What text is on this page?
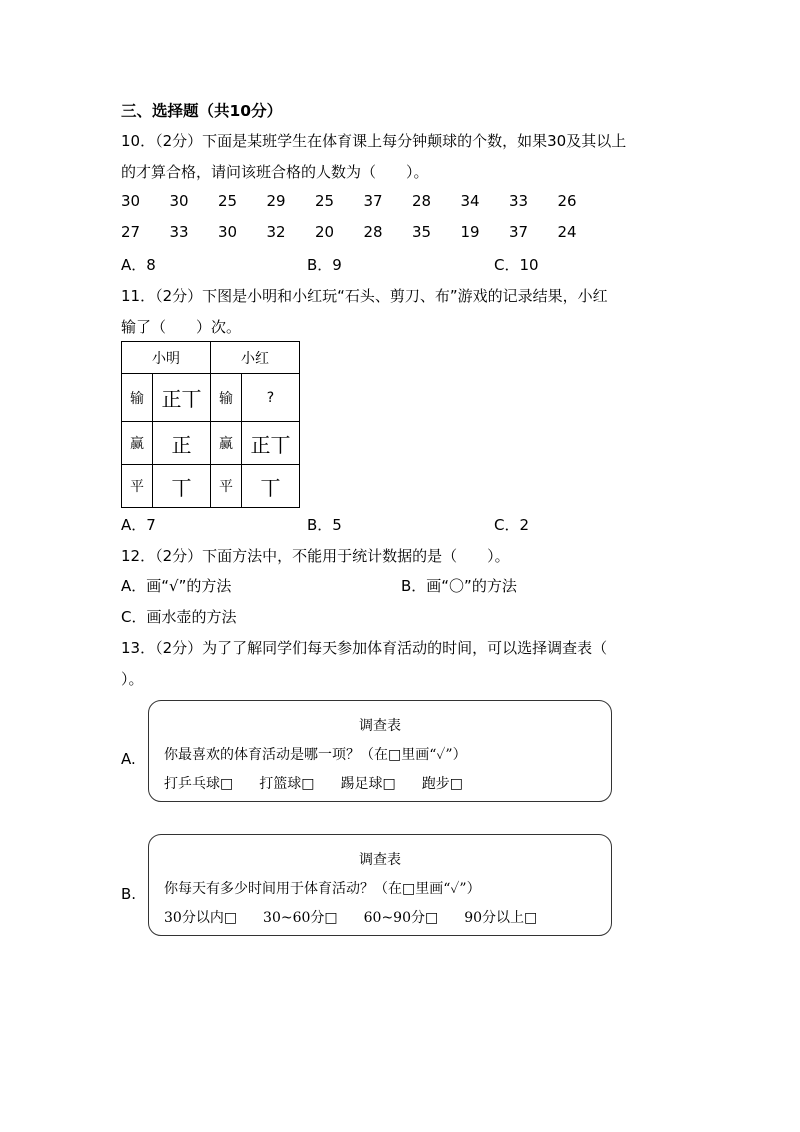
三、选择题（共10分）
10．（2分）下面是某班学生在体育课上每分钟颠球的个数，如果30及其以上
的才算合格，请问该班合格的人数为（　　）。
30	30	25	29	25	37	28	34	33	26
27	33	30	32	20	28	35	19	37	24
A．8	B．9	C．10
11．（2分）下图是小明和小红玩“石头、剪刀、布”游戏的记录结果，小红
输了（　　）次。
小明		小红	
输	正丅	输	?
赢	正	赢	正丅
平	丅	平	丅
A．7	B．5	C．2
12．（2分）下面方法中，不能用于统计数据的是（　　）。
A．画“√”的方法	B．画“〇”的方法
C．画水壶的方法
13．（2分）为了了解同学们每天参加体育活动的时间，可以选择调查表（
）。
A.
调查表
你最喜欢的体育活动是哪一项？（在□里画“✓”）
打乒乓球□ 打篮球□ 踢足球□ 跑步□
B.
调查表
你每天有多少时间用于体育活动？（在□里画“✓”）
30分以内□ 30~60分□ 60~90分□ 90分以上□
